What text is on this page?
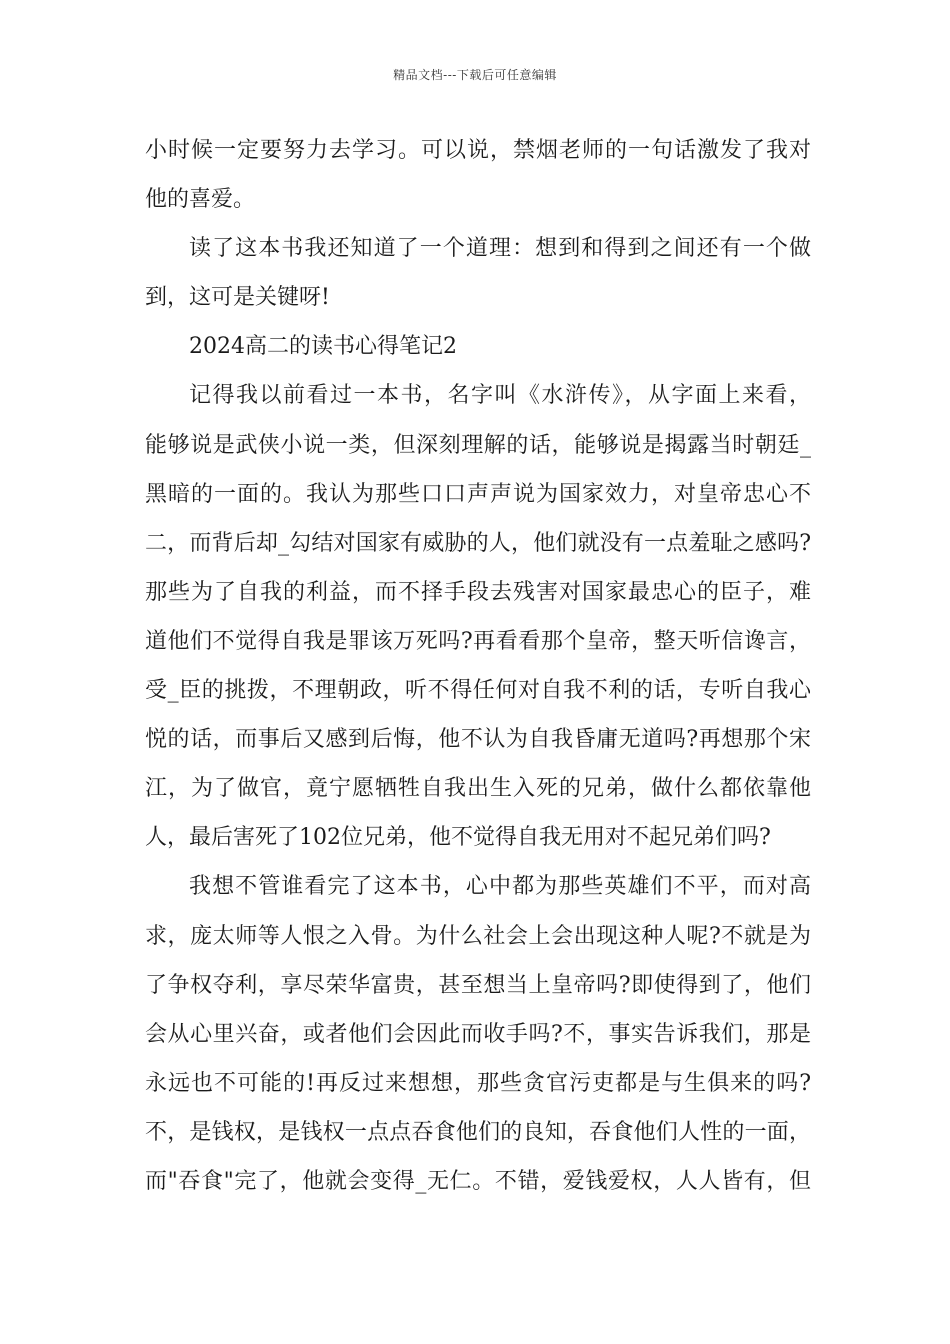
精品文档---下载后可任意编辑
小时候一定要努力去学习。可以说，禁烟老师的一句话激发了我对
他的喜爱。
读了这本书我还知道了一个道理：想到和得到之间还有一个做
到，这可是关键呀!
2024高二的读书心得笔记2
记得我以前看过一本书，名字叫《水浒传》，从字面上来看，
能够说是武侠小说一类，但深刻理解的话，能够说是揭露当时朝廷_
黑暗的一面的。我认为那些口口声声说为国家效力，对皇帝忠心不
二，而背后却_勾结对国家有威胁的人，他们就没有一点羞耻之感吗?
那些为了自我的利益，而不择手段去残害对国家最忠心的臣子，难
道他们不觉得自我是罪该万死吗?再看看那个皇帝，整天听信谗言，
受_臣的挑拨，不理朝政，听不得任何对自我不利的话，专听自我心
悦的话，而事后又感到后悔，他不认为自我昏庸无道吗?再想那个宋
江，为了做官，竟宁愿牺牲自我出生入死的兄弟，做什么都依靠他
人，最后害死了102位兄弟，他不觉得自我无用对不起兄弟们吗?
我想不管谁看完了这本书，心中都为那些英雄们不平，而对高
求，庞太师等人恨之入骨。为什么社会上会出现这种人呢?不就是为
了争权夺利，享尽荣华富贵，甚至想当上皇帝吗?即使得到了，他们
会从心里兴奋，或者他们会因此而收手吗?不，事实告诉我们，那是
永远也不可能的!再反过来想想，那些贪官污吏都是与生俱来的吗?
不，是钱权，是钱权一点点吞食他们的良知，吞食他们人性的一面，
而"吞食"完了，他就会变得_无仁。不错，爱钱爱权，人人皆有，但
